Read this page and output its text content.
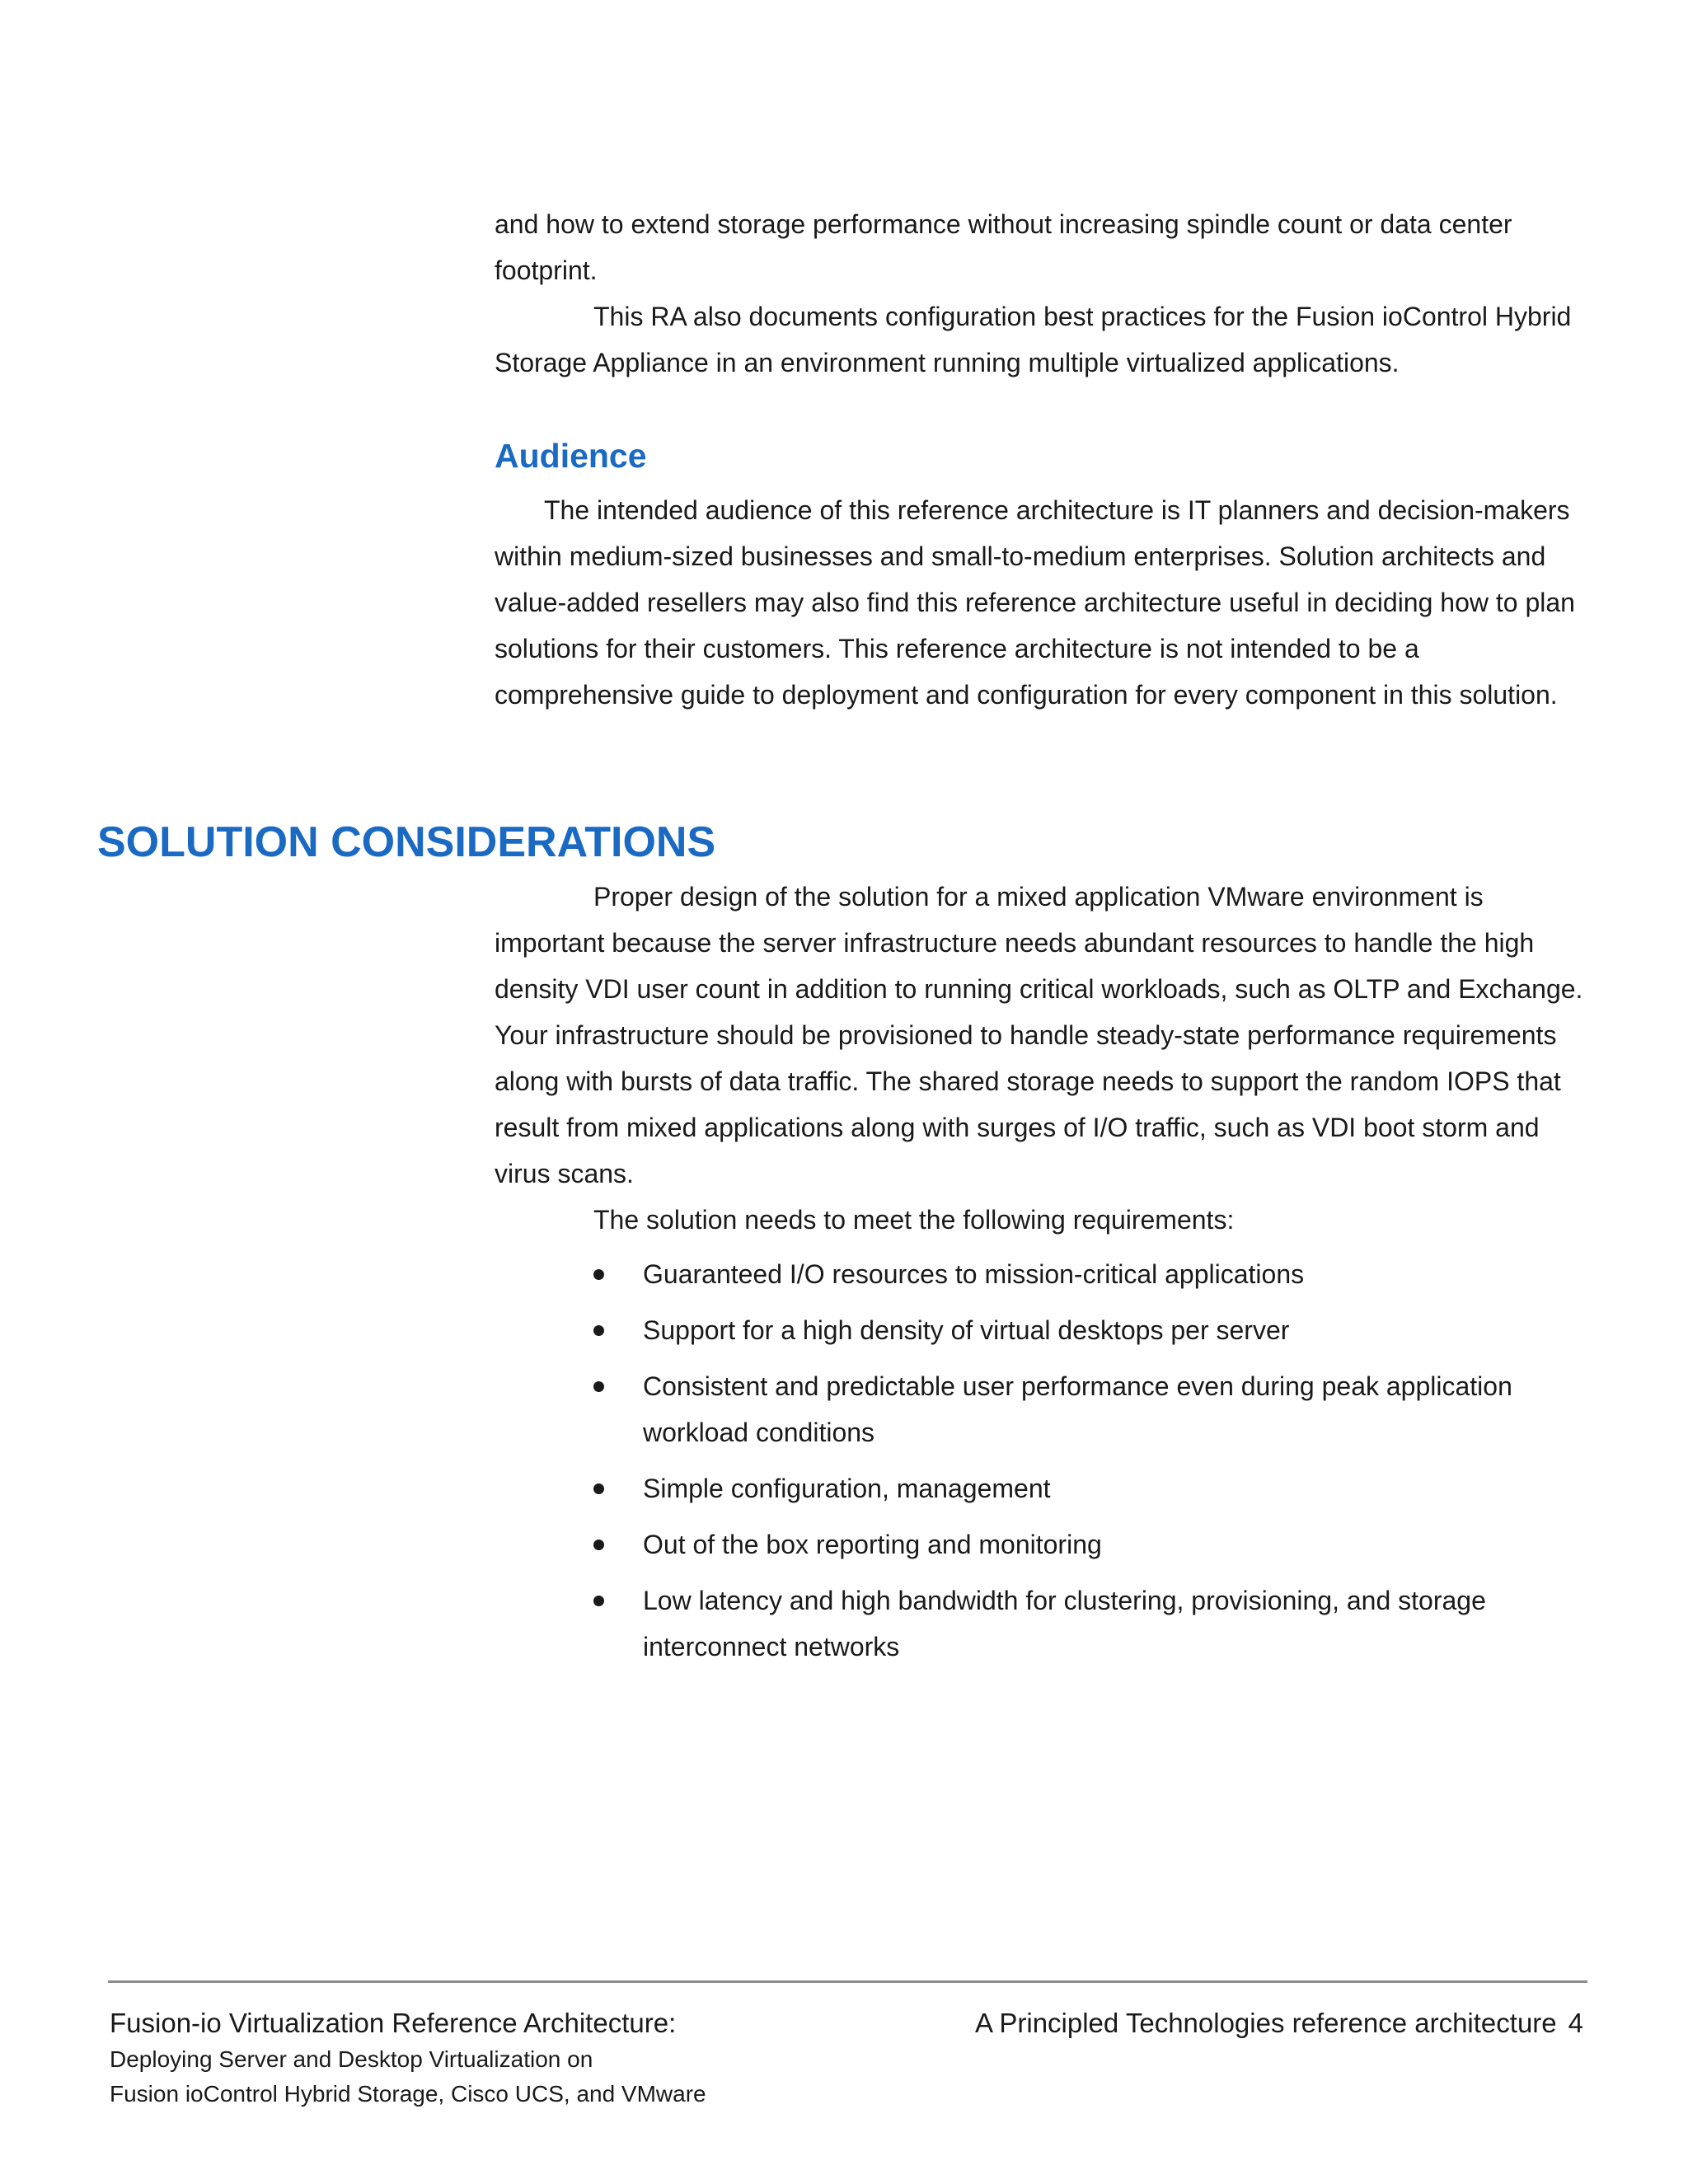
and how to extend storage performance without increasing spindle count or data center footprint.

This RA also documents configuration best practices for the Fusion ioControl Hybrid Storage Appliance in an environment running multiple virtualized applications.

Audience

The intended audience of this reference architecture is IT planners and decision-makers within medium-sized businesses and small-to-medium enterprises. Solution architects and value-added resellers may also find this reference architecture useful in deciding how to plan solutions for their customers. This reference architecture is not intended to be a comprehensive guide to deployment and configuration for every component in this solution.

SOLUTION CONSIDERATIONS

Proper design of the solution for a mixed application VMware environment is important because the server infrastructure needs abundant resources to handle the high density VDI user count in addition to running critical workloads, such as OLTP and Exchange. Your infrastructure should be provisioned to handle steady-state performance requirements along with bursts of data traffic. The shared storage needs to support the random IOPS that result from mixed applications along with surges of I/O traffic, such as VDI boot storm and virus scans.

The solution needs to meet the following requirements:

Guaranteed I/O resources to mission-critical applications
Support for a high density of virtual desktops per server
Consistent and predictable user performance even during peak application workload conditions
Simple configuration, management
Out of the box reporting and monitoring
Low latency and high bandwidth for clustering, provisioning, and storage interconnect networks
Fusion-io Virtualization Reference Architecture:
Deploying Server and Desktop Virtualization on
Fusion ioControl Hybrid Storage, Cisco UCS, and VMware
A Principled Technologies reference architecture 4
